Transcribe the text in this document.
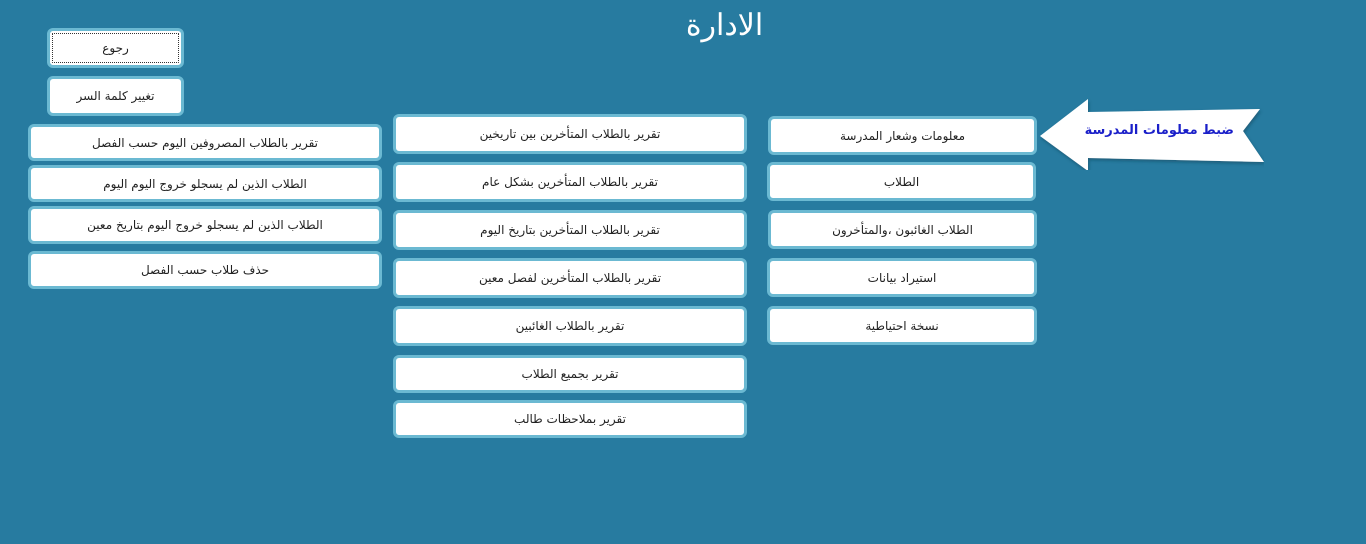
الادارة
رجوع
تغيير كلمة السر
معلومات وشعار المدرسة
الطلاب
الطلاب الغائبون ،والمتأخرون
استيراد بيانات
نسخة احتياطية
تقرير بالطلاب المتأخرين بين تاريخين
تقرير بالطلاب المتأخرين بشكل عام
تقرير بالطلاب المتأخرين بتاريخ اليوم
تقرير بالطلاب المتأخرين لفصل معين
تقرير بالطلاب الغائبين
تقرير بجميع الطلاب
تقرير بملاحظات طالب
تقرير بالطلاب المصروفين اليوم حسب الفصل
الطلاب الذين لم يسجلو خروج اليوم اليوم
الطلاب الذين لم يسجلو خروج اليوم بتاريخ معين
حذف طلاب حسب الفصل
ضبط معلومات المدرسة
